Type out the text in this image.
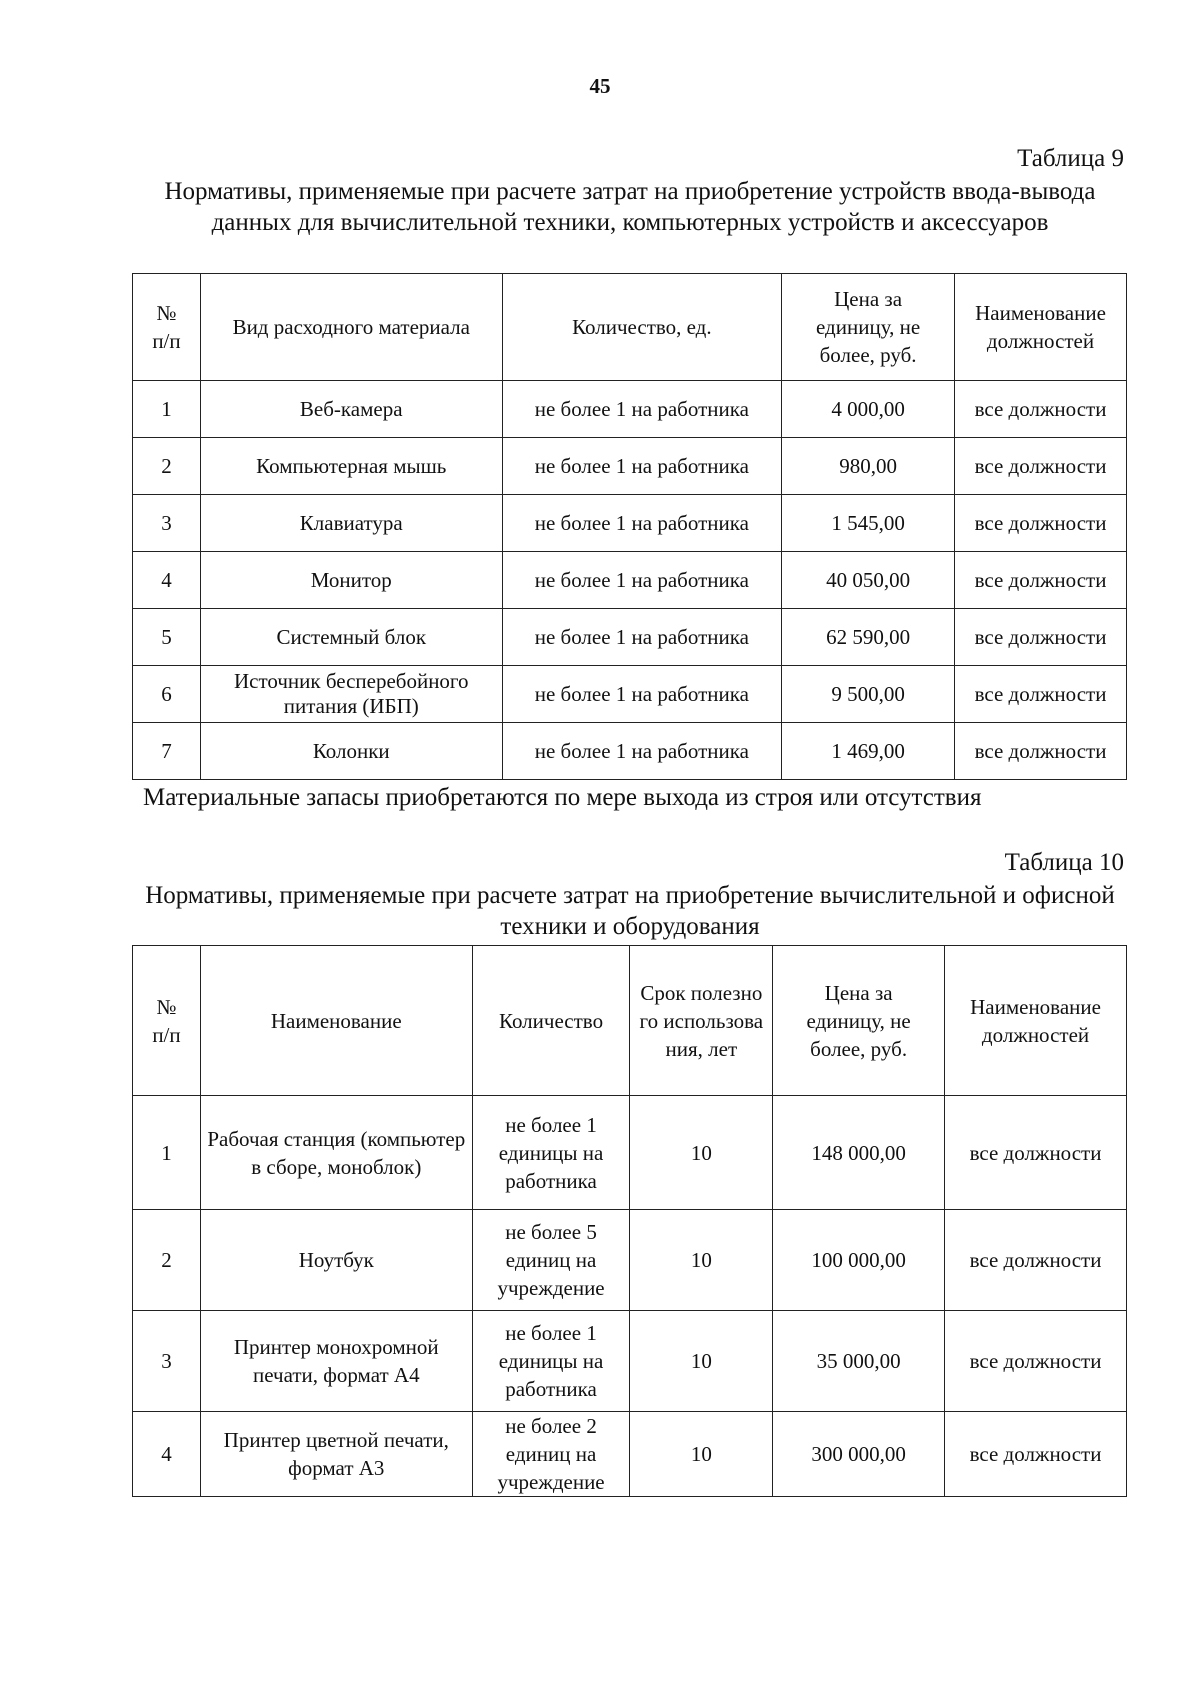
45
Таблица 9
Нормативы, применяемые при расчете затрат на приобретение устройств ввода-вывода данных для вычислительной техники, компьютерных устройств и аксессуаров
№ п/п	Вид расходного материала	Количество, ед.	Цена за единицу, не более, руб.	Наименование должностей
1	Веб-камера	не более 1 на работника	4 000,00	все должности
2	Компьютерная мышь	не более 1 на работника	980,00	все должности
3	Клавиатура	не более 1 на работника	1 545,00	все должности
4	Монитор	не более 1 на работника	40 050,00	все должности
5	Системный блок	не более 1 на работника	62 590,00	все должности
6	Источник бесперебойного питания (ИБП)	не более 1 на работника	9 500,00	все должности
7	Колонки	не более 1 на работника	1 469,00	все должности
Материальные запасы приобретаются по мере выхода из строя или отсутствия
Таблица 10
Нормативы, применяемые при расчете затрат на приобретение вычислительной и офисной техники и оборудования
№ п/п	Наименование	Количество	Срок полезного использования, лет	Цена за единицу, не более, руб.	Наименование должностей
1	Рабочая станция (компьютер в сборе, моноблок)	не более 1 единицы на работника	10	148 000,00	все должности
2	Ноутбук	не более 5 единиц на учреждение	10	100 000,00	все должности
3	Принтер монохромной печати, формат А4	не более 1 единицы на работника	10	35 000,00	все должности
4	Принтер цветной печати, формат А3	не более 2 единиц на учреждение	10	300 000,00	все должности
